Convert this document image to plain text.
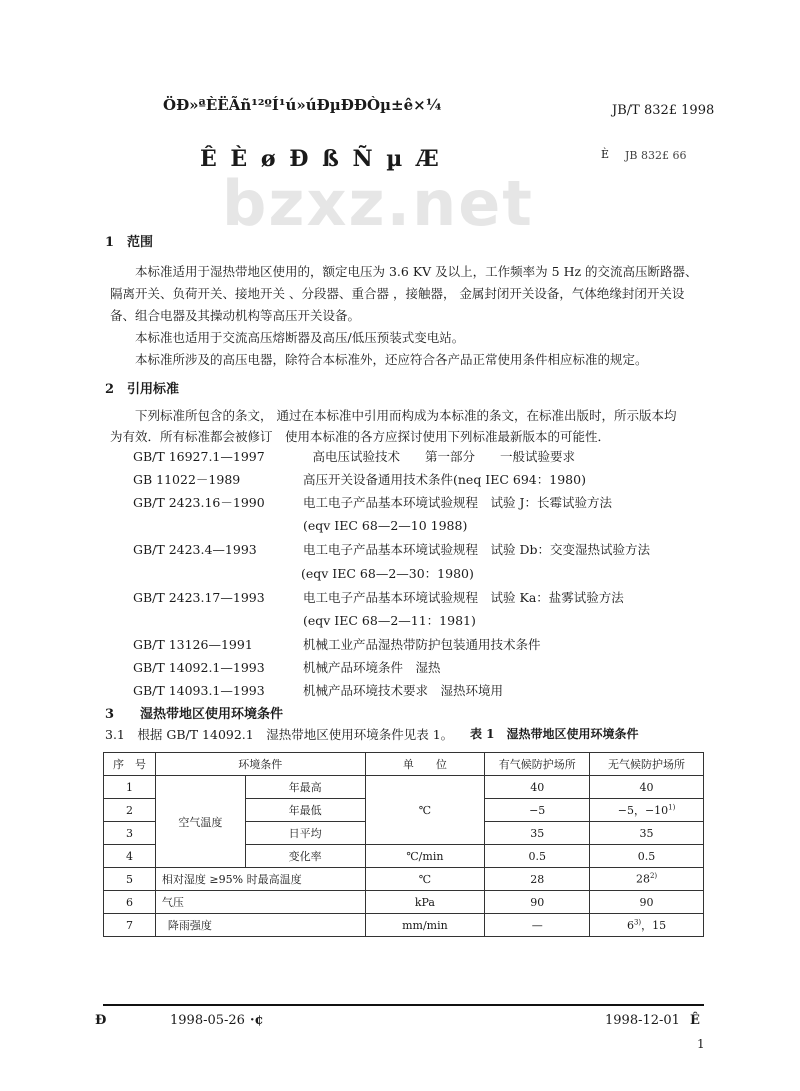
bzxz.net
ÖÐ»ªÈËÃñ¹²ºÍ¹ú»úÐµÐÐÒµ±ê×¼	JB/T 832£ 1998
Ê È ø Ð ß Ñ µ Æ	È JB 832£ 66
1　范围
本标准适用于湿热带地区使用的，额定电压为 3.6 KV 及以上，工作频率为 5 Hz 的交流高压断路器、
隔离开关、负荷开关、接地开关 、分段器、重合器 ，接触器， 金属封闭开关设备，气体绝缘封闭开关设
备、组合电器及其操动机构等高压开关设备。
本标准也适用于交流高压熔断器及高压/低压预装式变电站。
本标准所涉及的高压电器，除符合本标准外，还应符合各产品正常使用条件相应标准的规定。
2　引用标准
下列标准所包含的条文， 通过在本标准中引用而构成为本标准的条文，在标准出版时，所示版本均
为有效．所有标准都会被修订　使用本标准的各方应探讨使用下列标准最新版本的可能性．
GB/T 16927.1—1997	　高电压试验技术　　第一部分　　一般试验要求
GB 11022－1989	高压开关设备通用技术条件(neq IEC 694：1980)
GB/T 2423.16－1990	电工电子产品基本环境试验规程　试验 J：长霉试验方法
(eqv IEC 68—2—10 1988)
GB/T 2423.4—1993	电工电子产品基本环境试验规程　试验 Db：交变湿热试验方法
(eqv IEC 68—2—30：1980)
GB/T 2423.17—1993	电工电子产品基本环境试验规程　试验 Ka：盐雾试验方法
(eqv IEC 68—2—11：1981)
GB/T 13126—1991	机械工业产品湿热带防护包装通用技术条件
GB/T 14092.1—1993	机械产品环境条件　湿热
GB/T 14093.1—1993	机械产品环境技术要求　湿热环境用
3　　湿热带地区使用环境条件
3.1　根据 GB/T 14092.1　湿热带地区使用环境条件见表 1。 表 1　湿热带地区使用环境条件
序　号	环境条件		单　　位	有气候防护场所	无气候防护场所
1	空气温度	年最高	℃	40	40
2		年最低		−5	−5，$-10^{1)}$
3		日平均		35	35
4		变化率	℃/min	0.5	0.5
5	相对湿度 ≥95% 时最高温度		℃	28	28$^{2)}$
6	气压		kPa	90	90
7	降雨强度		mm/min	—	6$^{3)}$，15
Ð	1998-05-26 ·¢	1998-12-01 Ê
1
